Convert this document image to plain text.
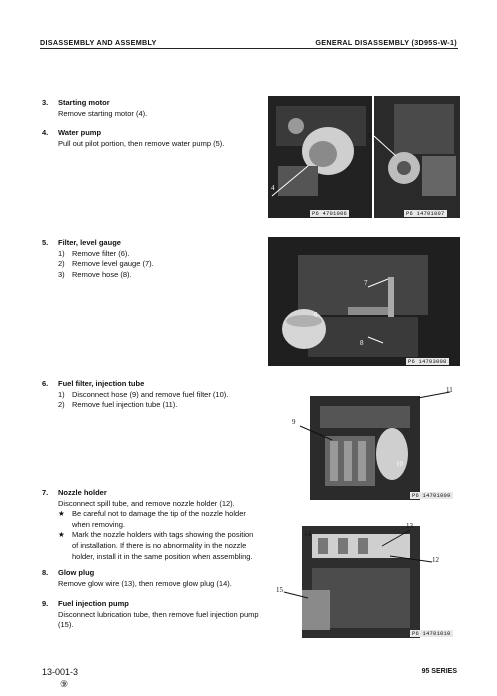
DISASSEMBLY AND ASSEMBLY	GENERAL DISASSEMBLY (3D95S-W-1)
3. Starting motor
Remove starting motor (4).
4. Water pump
Pull out pilot portion, then remove water pump (5).
5. Filter, level gauge
1) Remove filter (6).
2) Remove level gauge (7).
3) Remove hose (8).
6. Fuel filter, injection tube
1) Disconnect hose (9) and remove fuel filter (10).
2) Remove fuel injection tube (11).
7. Nozzle holder
Disconnect spill tube, and remove nozzle holder (12).
★ Be careful not to damage the tip of the nozzle holder when removing.
★ Mark the nozzle holders with tags showing the position of installation. If there is no abnormality in the nozzle holder, install it in the same position when assembling.
8. Glow plug
Remove glow wire (13), then remove glow plug (14).
9. Fuel injection pump
Disconnect lubrication tube, then remove fuel injection pump (15).
4
P6 4701006
5
P6 14701007
6
7
8
P6 14703008
11
9
10
P6 14701009
13
14
12
15
P6 14701010
13-001-3
⑨
95 SERIES
